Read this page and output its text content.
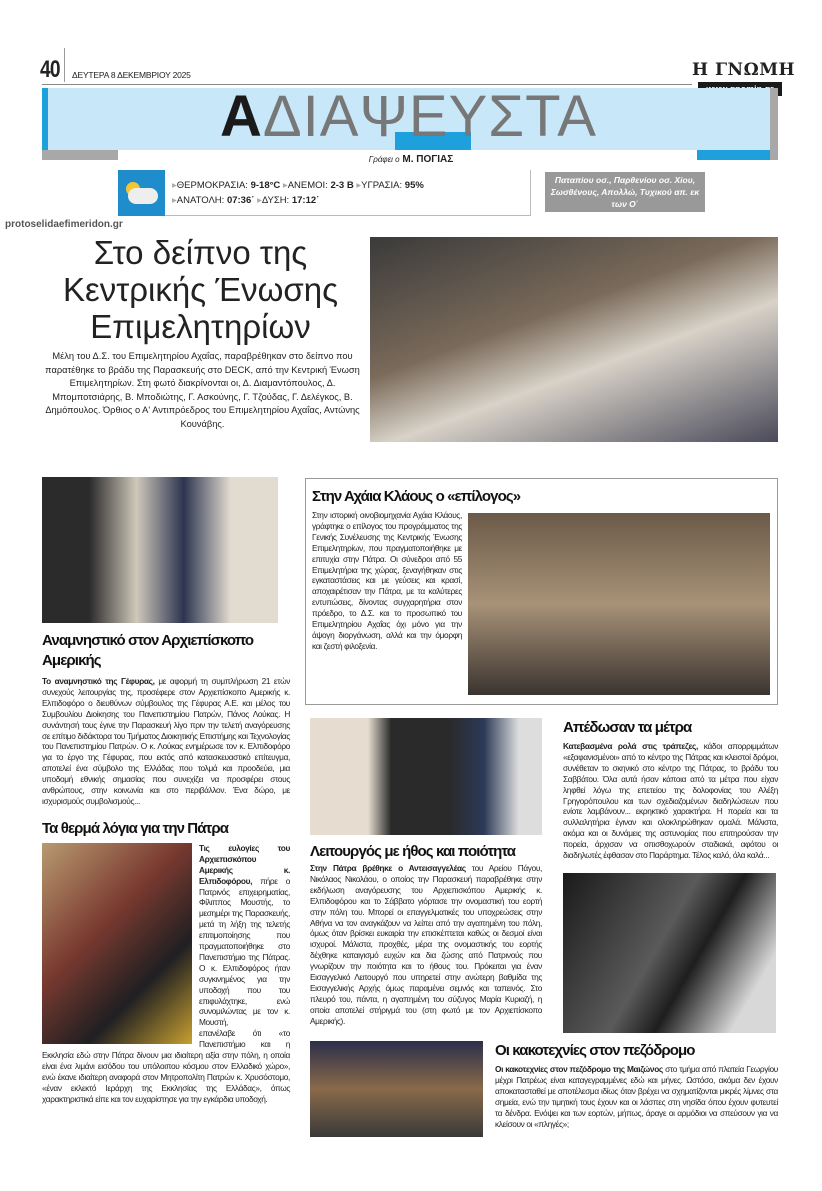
40 ΔΕΥΤΕΡΑ 8 ΔΕΚΕΜΒΡΙΟΥ 2025	Η ΓΝΩΜΗ
ΑΔΙΑΨΕΥΣΤΑ
Γράφει ο Μ. ΠΟΓΙΑΣ
▸ΘΕΡΜΟΚΡΑΣΙΑ: 9-18°C ▸ΑΝΕΜΟΙ: 2-3 Β ▸ΥΓΡΑΣΙΑ: 95%
▸ΑΝΑΤΟΛΗ: 07:36΄ ▸ΔΥΣΗ: 17:12΄
Παταπίου οσ., Παρθενίου οσ. Χίου, Σωσθένους, Απολλώ, Τυχικού απ. εκ των Ο΄
protoselidaefimeridon.gr
Στο δείπνο της Κεντρικής Ένωσης Επιμελητηρίων
Μέλη του Δ.Σ. του Επιμελητηρίου Αχαΐας, παραβρέθηκαν στο δείπνο που παρατέθηκε το βράδυ της Παρασκευής στο DECK, από την Κεντρική Ένωση Επιμελητηρίων. Στη φωτό διακρίνονται οι, Δ. Διαμαντόπουλος, Δ. Μπομποτσιάρης, Β. Μποδιώτης, Γ. Ασκούνης, Γ. Τζούδας, Γ. Δελέγκος, Β. Δημόπουλος. Όρθιος ο Α' Αντιπρόεδρος του Επιμελητηρίου Αχαΐας, Αντώνης Κουνάβης.
Στην Αχάια Κλάους ο «επίλογος»

Στην ιστορική οινοβιομηχανία Αχάια Κλάους, γράφτηκε ο επίλογος του προγράμματος της Γενικής Συνέλευσης της Κεντρικής Ένωσης Επιμελητηρίων, που πραγματοποιήθηκε με επιτυχία στην Πάτρα. Οι σύνεδροι από 55 Επιμελητήρια της χώρας, ξεναγήθηκαν στις εγκαταστάσεις και με γεύσεις και κρασί, αποχαιρέτισαν την Πάτρα, με τα καλύτερες εντυπώσεις, δίνοντας συγχαρητήρια στον πρόεδρο, το Δ.Σ. και το προσωπικό του Επιμελητηρίου Αχαΐας όχι μόνο για την άψογη διοργάνωση, αλλά και την όμορφη και ζεστή φιλοξενία.

Αναμνηστικό στον Αρχιεπίσκοπο Αμερικής

Το αναμνηστικό της Γέφυρας, με αφορμή τη συμπλήρωση 21 ετών συνεχούς λειτουργίας της, προσέφερε στον Αρχιεπίσκοπο Αμερικής κ. Ελπιδοφόρο ο διευθύνων σύμβουλος της Γέφυρας Α.Ε. και μέλος του Συμβουλίου Διοίκησης του Πανεπιστημίου Πατρών, Πάνος Λούκας. Η συνάντησή τους έγινε την Παρασκευή λίγο πριν την τελετή αναγόρευσης σε επίτιμο διδάκτορα του Τμήματος Διοικητικής Επιστήμης και Τεχνολογίας του Πανεπιστημίου Πατρών. Ο κ. Λούκας ενημέρωσε τον κ. Ελπιδοφόρο για το έργο της Γέφυρας, που εκτός από κατασκευαστικό επίτευγμα, αποτελεί ένα σύμβολο της Ελλάδας που τολμά και προοδεύει, μια υποδομή εθνικής σημασίας που συνεχίζει να προσφέρει στους ανθρώπους, στην κοινωνία και στο περιβάλλον. Ένα δώρο, με ισχυρισμούς συμβολισμούς...

Τα θερμά λόγια για την Πάτρα

Τις ευλογίες του Αρχιεπισκόπου Αμερικής κ. Ελπιδοφόρου, πήρε ο Πατρινός επιχειρηματίας, Φίλιππος Μουστής, το μεσημέρι της Παρασκευής, μετά τη λήξη της τελετής επιτιμοποίησης που πραγματοποιήθηκε στο Πανεπιστήμιο της Πάτρας. Ο κ. Ελπιδοφόρος ήταν συγκινημένος για την υποδοχή που του επιφυλάχτηκε, ενώ συνομιλώντας με τον κ. Μουστή,

επανέλαβε ότι «το Πανεπιστήμιο και η Εκκλησία εδώ στην Πάτρα δίνουν μια ιδιαίτερη αξία στην πόλη, η οποία είναι ένα λιμάνι εισόδου του υπόλοιπου κόσμου στον Ελλαδικό χώρο», ενώ έκανε ιδιαίτερη αναφορά στον Μητροπολίτη Πατρών κ. Χρυσόστομο, «έναν εκλεκτό Ιεράρχη της Εκκλησίας της Ελλάδας», όπως χαρακτηριστικά είπε και τον ευχαρίστησε για την εγκάρδια υποδοχή.

Λειτουργός με ήθος και ποιότητα

Στην Πάτρα βρέθηκε ο Αντεισαγγελέας του Αρείου Πάγου, Νικόλαος Νικολάου, ο οποίος την Παρασκευή παραβρέθηκε στην εκδήλωση αναγόρευσης του Αρχιεπισκόπου Αμερικής κ. Ελπιδοφόρου και το Σάββατο γιόρτασε την ονομαστική του εορτή στην πόλη του. Μπορεί οι επαγγελματικές του υποχρεώσεις στην Αθήνα να τον αναγκάζουν να λείπει από την αγαπημένη του πόλη, όμως όταν βρίσκει ευκαιρία την επισκέπτεται καθώς οι δεσμοί είναι ισχυροί. Μάλιστα, προχθές, μέρα της ονομαστικής του εορτής δέχθηκε καταιγισμό ευχών και δια ζώσης από Πατρινούς που γνωρίζουν την ποιότητα και το ήθους του. Πρόκειται για έναν Εισαγγελικό Λειτουργό που υπηρετεί στην ανώτερη βαθμίδα της Εισαγγελικής Αρχής όμως παραμένει σεμνός και ταπεινός. Στο πλευρό του, πάντα, η αγαπημένη του σύζυγος Μαρία Κυριαζή, η οποία αποτελεί στήριγμά του (στη φωτό με τον Αρχιεπίσκοπο Αμερικής).

Απέδωσαν τα μέτρα

Κατεβασμένα ρολά στις τράπεζες, κάδοι απορριμμάτων «εξαφανισμένοι» από το κέντρο της Πάτρας και κλειστοί δρόμοι, συνέθεταν το σκηνικό στο κέντρο της Πάτρας, το βράδυ του Σαββάτου. Όλα αυτά ήσαν κάποια από τα μέτρα που είχαν ληφθεί λόγω της επετείου της δολοφονίας του Αλέξη Γρηγορόπουλου και των σχεδιαζομένων διαδηλώσεων που ενίοτε λαμβάνουν... εκρηκτικό χαρακτήρα. Η πορεία και τα συλλαλητήρια έγιναν και ολοκληρώθηκαν ομαλά. Μάλιστα, ακόμα και οι δυνάμεις της αστυνομίας που επιτηρούσαν την πορεία, άρχισαν να οπισθοχωρούν σταδιακά, αφότου οι διαδηλωτές έφθασαν στο Παράρτημα. Τέλος καλό, όλα καλά...

Οι κακοτεχνίες στον πεζόδρομο

Οι κακοτεχνίες στον πεζόδρομο της Μαιζώνος στο τμήμα από πλατεία Γεωργίου μέχρι Πατρέως είναι καταγεγραμμένες εδώ και μήνες. Ωστόσο, ακόμα δεν έχουν αποκατασταθεί με αποτέλεσμα ιδίως όταν βρέχει να σχηματίζονται μικρές λίμνες στα σημεία, ενώ την τιμητική τους έχουν και οι λάσπες στη νησίδα όπου έχουν φυτευτεί τα δένδρα. Ενόψει και των εορτών, μήπως, άραγε οι αρμόδιοι να σπεύσουν για να κλείσουν οι «πληγές»;
